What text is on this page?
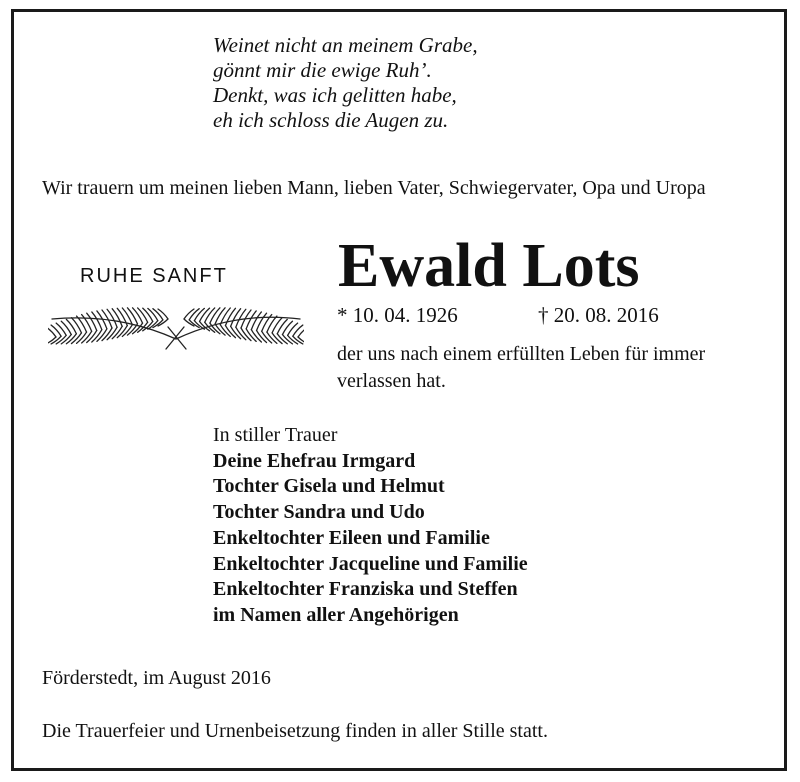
Weinet nicht an meinem Grabe,
gönnt mir die ewige Ruh’.
Denkt, was ich gelitten habe,
eh ich schloss die Augen zu.
Wir trauern um meinen lieben Mann, lieben Vater, Schwiegervater, Opa und Uropa
RUHE SANFT Ewald Lots
* 10. 04. 1926	† 20. 08. 2016
der uns nach einem erfüllten Leben für immer verlassen hat.
In stiller Trauer
Deine Ehefrau Irmgard
Tochter Gisela und Helmut
Tochter Sandra und Udo
Enkeltochter Eileen und Familie
Enkeltochter Jacqueline und Familie
Enkeltochter Franziska und Steffen
im Namen aller Angehörigen
Förderstedt, im August 2016
Die Trauerfeier und Urnenbeisetzung finden in aller Stille statt.
